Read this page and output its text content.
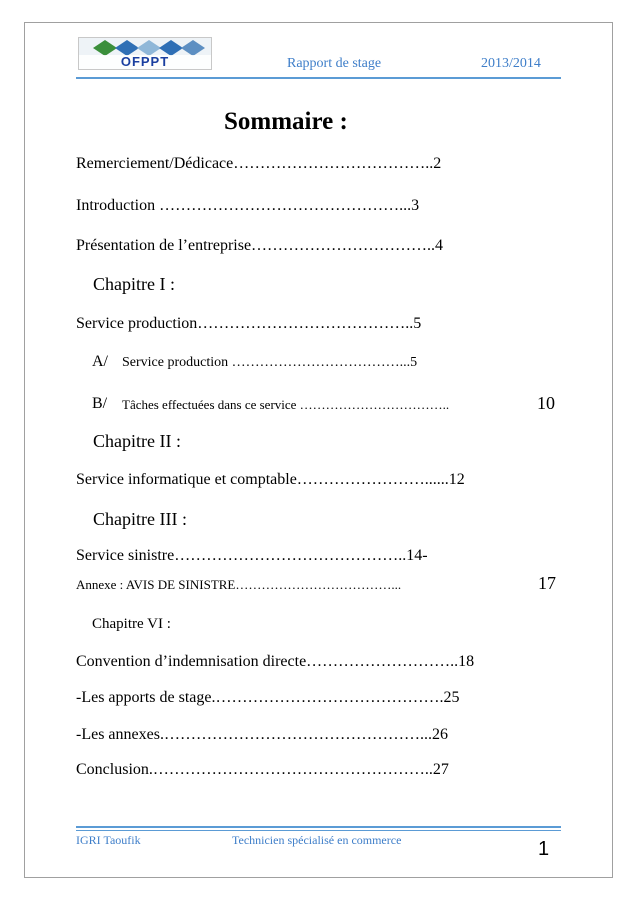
OFPPT	Rapport de stage	2013/2014
Sommaire :
Remerciement/Dédicace………………………………..2
Introduction ………………………………………...3
Présentation de l’entreprise……………………………..4
Chapitre I :
Service production…………………………………..5
A/ Service production ………………………………...5
B/ Tâches effectuées dans ce service ……………………………..	10
Chapitre II :
Service informatique et comptable……………………......12
Chapitre III :
Service sinistre……………………………………..14-
Annexe : AVIS DE SINISTRE………………………………...	17
Chapitre VI :
Convention d’indemnisation directe………………………..18
-Les apports de stage.…………………………………….25
-Les annexes.…………………………………………...26
Conclusion.……………………………………………..27
IGRI Taoufik	Technicien spécialisé en commerce	1
